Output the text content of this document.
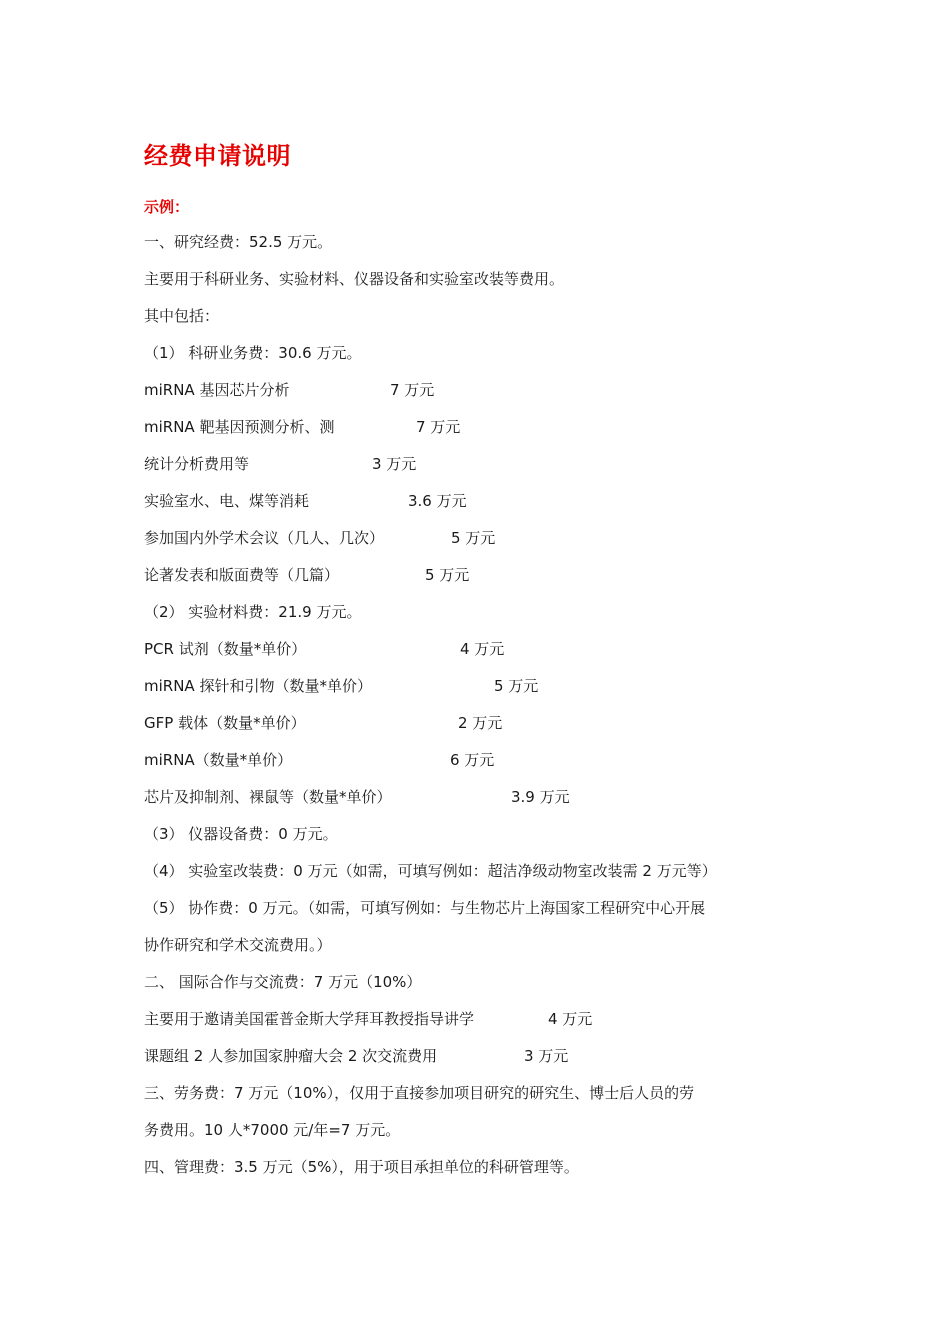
经费申请说明
示例：
一、研究经费：52.5 万元。
主要用于科研业务、实验材料、仪器设备和实验室改装等费用。
其中包括：
（1） 科研业务费：30.6 万元。
miRNA 基因芯片分析	7 万元
miRNA 靶基因预测分析、测	7 万元
统计分析费用等	3 万元
实验室水、电、煤等消耗	3.6 万元
参加国内外学术会议（几人、几次）	5 万元
论著发表和版面费等（几篇）	5 万元
（2） 实验材料费：21.9 万元。
PCR 试剂（数量*单价）	4 万元
miRNA 探针和引物（数量*单价）	5 万元
GFP 载体（数量*单价）	2 万元
miRNA（数量*单价）	6 万元
芯片及抑制剂、裸鼠等（数量*单价）	3.9 万元
（3） 仪器设备费：0 万元。
（4） 实验室改装费：0 万元（如需，可填写例如：超洁净级动物室改装需 2 万元等）
（5） 协作费：0 万元。（如需，可填写例如：与生物芯片上海国家工程研究中心开展
协作研究和学术交流费用。）
二、 国际合作与交流费：7 万元（10%）
主要用于邀请美国霍普金斯大学拜耳教授指导讲学	4 万元
课题组 2 人参加国家肿瘤大会 2 次交流费用	3 万元
三、劳务费：7 万元（10%），仅用于直接参加项目研究的研究生、博士后人员的劳
务费用。10 人*7000 元/年=7 万元。
四、管理费：3.5 万元（5%），用于项目承担单位的科研管理等。
